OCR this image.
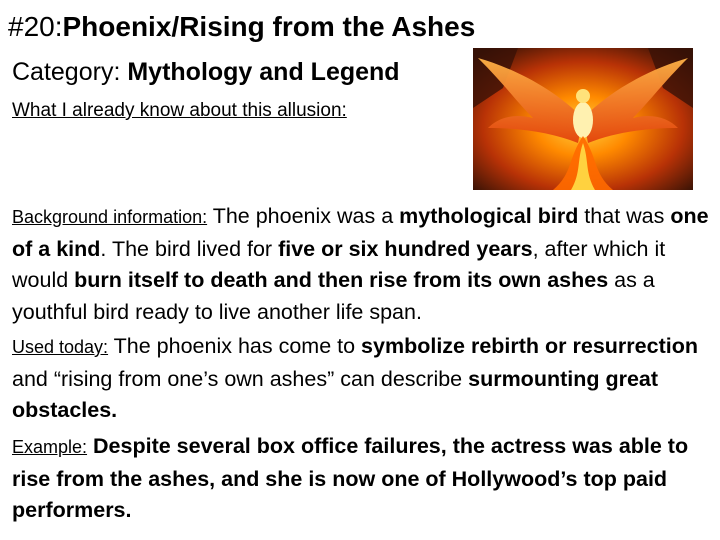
#20:Phoenix/Rising from the Ashes
Category: Mythology and Legend
What I already know about this allusion:
Background information: The phoenix was a mythological bird that was one of a kind. The bird lived for five or six hundred years, after which it would burn itself to death and then rise from its own ashes as a youthful bird ready to live another life span.
Used today: The phoenix has come to symbolize rebirth or resurrection and “rising from one’s own ashes” can describe surmounting great obstacles.
Example: Despite several box office failures, the actress was able to rise from the ashes, and she is now one of Hollywood’s top paid performers.
